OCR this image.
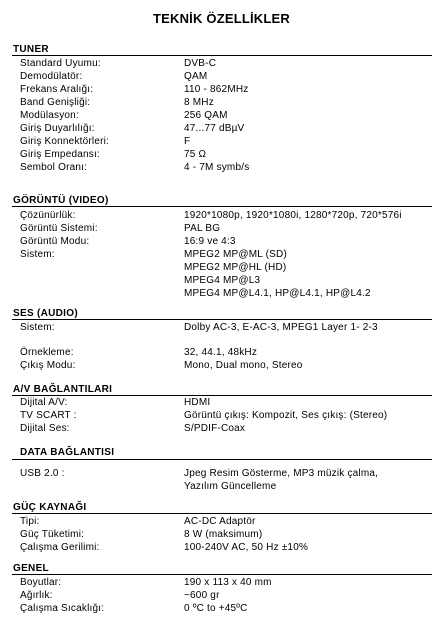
TEKNİK ÖZELLİKLER
TUNER
Standard Uyumu:	DVB-C
Demodülatör:	QAM
Frekans Aralığı:	110 - 862MHz
Band Genişliği:	8 MHz
Modülasyon:	256 QAM
Giriş Duyarlılığı:	47...77 dBµV
Giriş Konnektörleri:	F
Giriş Empedansı:	75 Ω
Sembol Oranı:	4 - 7M symb/s
GÖRÜNTÜ (VIDEO)
Çözünürlük:	1920*1080p, 1920*1080i, 1280*720p, 720*576i
Görüntü Sistemi:	PAL BG
Görüntü Modu:	16:9 ve 4:3
Sistem:	MPEG2 MP@ML (SD)
MPEG2 MP@HL (HD)
MPEG4 MP@L3
MPEG4 MP@L4.1, HP@L4.1, HP@L4.2
SES (AUDIO)
Sistem:	Dolby AC-3, E-AC-3, MPEG1 Layer 1- 2-3
Örnekleme:	32, 44.1, 48kHz
Çıkış Modu:	Mono, Dual mono, Stereo
A/V BAĞLANTILARI
Dijital A/V:	HDMI
TV SCART :	Görüntü çıkış: Kompozit, Ses çıkış: (Stereo)
Dijital Ses:	S/PDIF-Coax
DATA BAĞLANTISI
USB 2.0 :	Jpeg Resim Gösterme, MP3 müzik çalma,
Yazılım Güncelleme
GÜÇ KAYNAĞI
Tipi:	AC-DC Adaptör
Güç Tüketimi:	8 W (maksimum)
Çalışma Gerilimi:	100-240V AC, 50 Hz ±10%
GENEL
Boyutlar:	190 x 113 x 40 mm
Ağırlık:	~600 gr
Çalışma Sıcaklığı:	0 ºC to +45ºC
